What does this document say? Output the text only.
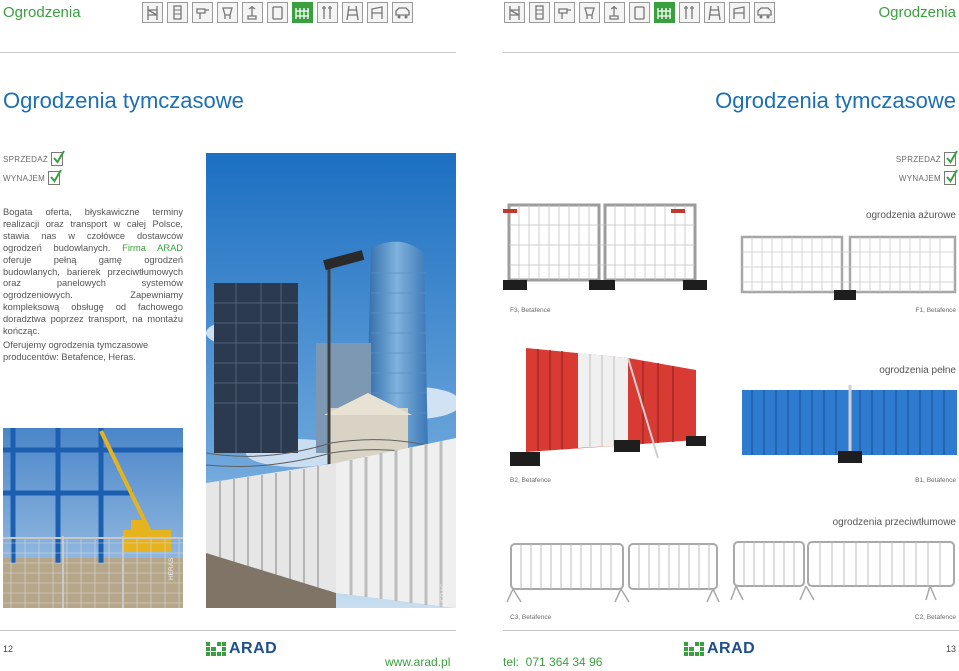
Ogrodzenia	Ogrodzenia
Ogrodzenia tymczasowe	Ogrodzenia tymczasowe
SPRZEDAŻ
WYNAJEM
SPRZEDAŻ
WYNAJEM
Bogata oferta, błyskawiczne terminy realizacji oraz transport w całej Polsce, stawia nas w czołówce dostawców ogrodzeń budowlanych. Firma ARAD oferuje pełną gamę ogrodzeń budowlanych, barierek przeciwtłumowych oraz panelowych systemów ogrodzeniowych. Zapewniamy kompleksową obsługę od fachowego doradztwa poprzez transport, na montażu kończąc.
Oferujemy ogrodzenia tymczasowe producentów: Betafence, Heras.
HERAS
HERAS
F3, Betafence
ogrodzenia ażurowe
F1, Betafence
B2, Betafence
ogrodzenia pełne
B1, Betafence
ogrodzenia przeciwtłumowe
C3, Betafence	C2, Betafence
12	13
ARAD	ARAD
www.arad.pl	tel:  071 364 34 96
